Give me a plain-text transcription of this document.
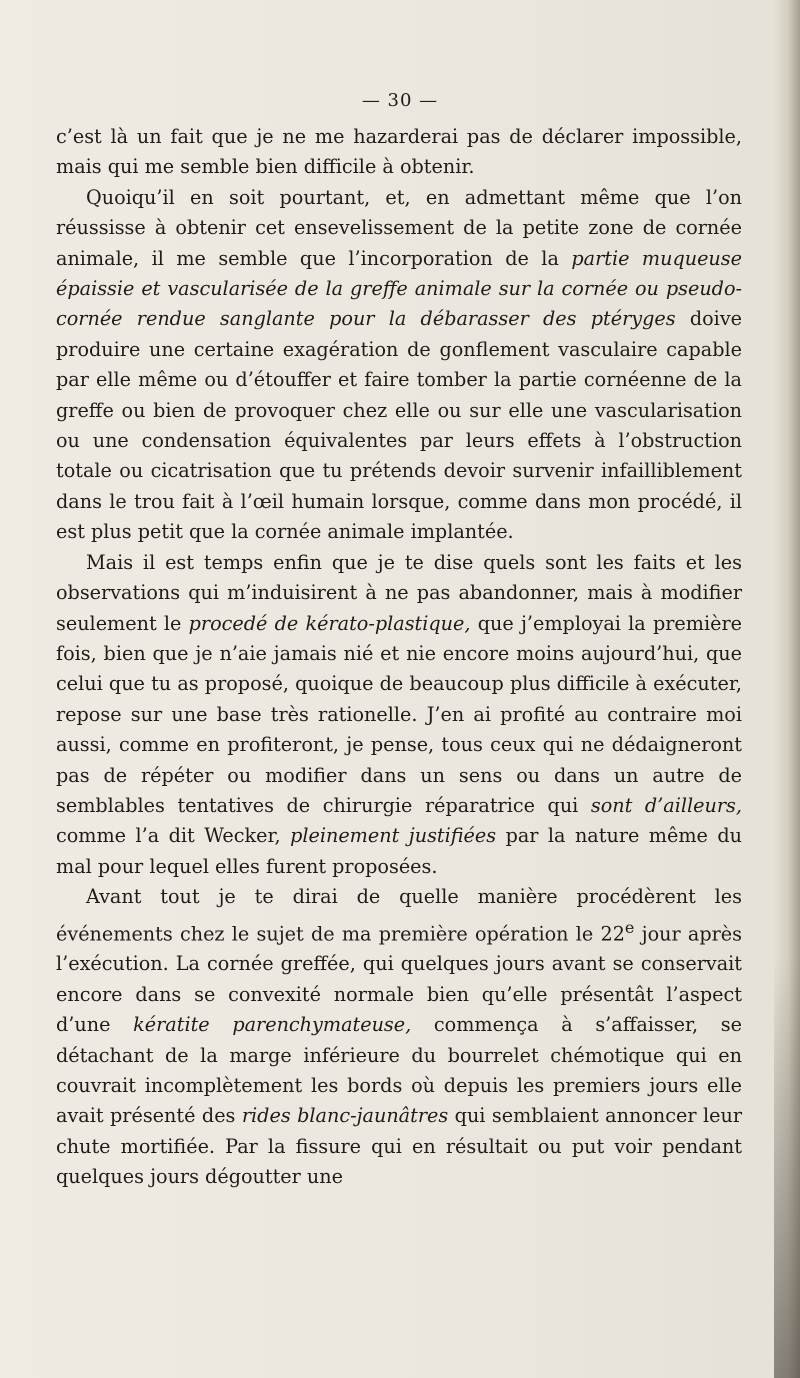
— 30 —

c’est là un fait que je ne me hazarderai pas de déclarer impossible, mais qui me semble bien difficile à obtenir.

Quoiqu’il en soit pourtant, et, en admettant même que l’on réussisse à obtenir cet ensevelissement de la petite zone de cornée animale, il me semble que l’incorporation de la partie muqueuse épaissie et vascularisée de la greffe animale sur la cornée ou pseudo-cornée rendue sanglante pour la débarasser des ptéryges doive produire une certaine exagération de gonflement vasculaire capable par elle même ou d’étouffer et faire tomber la partie cornéenne de la greffe ou bien de provoquer chez elle ou sur elle une vascularisation ou une condensation équivalentes par leurs effets à l’obstruction totale ou cicatrisation que tu prétends devoir survenir infailliblement dans le trou fait à l’œil humain lorsque, comme dans mon procédé, il est plus petit que la cornée animale implantée.

Mais il est temps enfin que je te dise quels sont les faits et les observations qui m’induisirent à ne pas abandonner, mais à modifier seulement le procedé de kérato-plastique, que j’employai la première fois, bien que je n’aie jamais nié et nie encore moins aujourd’hui, que celui que tu as proposé, quoique de beaucoup plus difficile à exécuter, repose sur une base très rationelle. J’en ai profité au contraire moi aussi, comme en profiteront, je pense, tous ceux qui ne dédaigneront pas de répéter ou modifier dans un sens ou dans un autre de semblables tentatives de chirurgie réparatrice qui sont d’ailleurs, comme l’a dit Wecker, pleinement justifiées par la nature même du mal pour lequel elles furent proposées.

Avant tout je te dirai de quelle manière procédèrent les événements chez le sujet de ma première opération le 22e jour après l’exécution. La cornée greffée, qui quelques jours avant se conservait encore dans se convexité normale bien qu’elle présentât l’aspect d’une kératite parenchymateuse, commença à s’affaisser, se détachant de la marge inférieure du bourrelet chémotique qui en couvrait incomplètement les bords où depuis les premiers jours elle avait présenté des rides blanc-jaunâtres qui semblaient annoncer leur chute mortifiée. Par la fissure qui en résultait ou put voir pendant quelques jours dégoutter une
